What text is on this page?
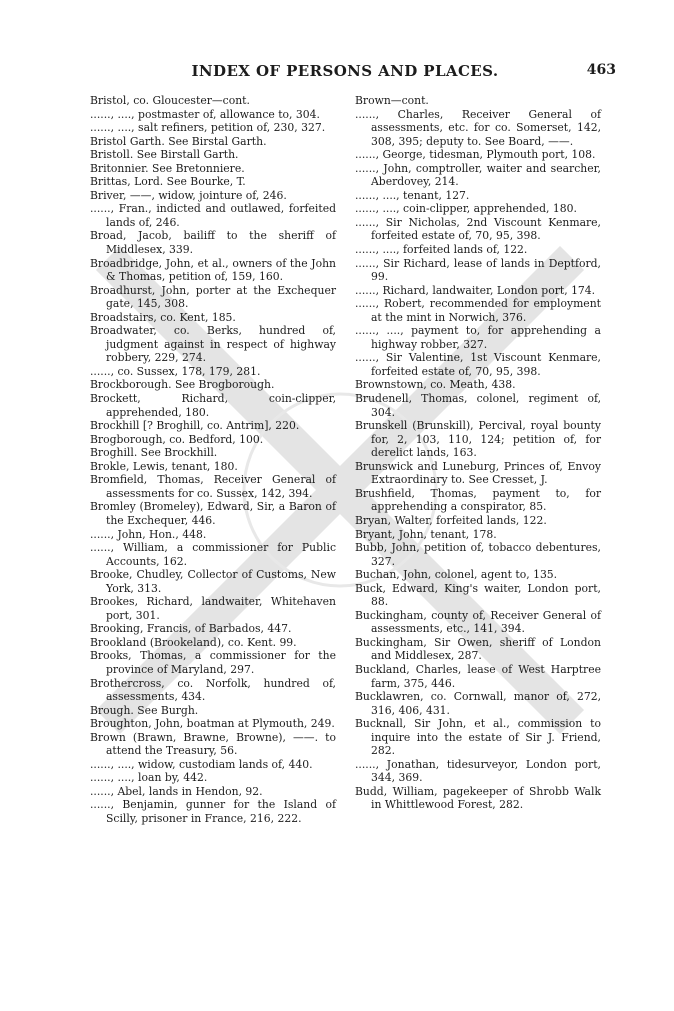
INDEX OF PERSONS AND PLACES.	463
Bristol, co. Gloucester—cont.
......, ...., postmaster of, allowance to, 304.
......, ...., salt refiners, petition of, 230, 327.
Bristol Garth. See Birstal Garth.
Bristoll. See Birstall Garth.
Britonnier. See Bretonniere.
Brittas, Lord. See Bourke, T.
Briver, ——, widow, jointure of, 246.
......, Fran., indicted and outlawed, forfeited lands of, 246.
Broad, Jacob, bailiff to the sheriff of Middlesex, 339.
Broadbridge, John, et al., owners of the John & Thomas, petition of, 159, 160.
Broadhurst, John, porter at the Exchequer gate, 145, 308.
Broadstairs, co. Kent, 185.
Broadwater, co. Berks, hundred of, judgment against in respect of highway robbery, 229, 274.
......, co. Sussex, 178, 179, 281.
Brockborough. See Brogborough.
Brockett, Richard, coin-clipper, apprehended, 180.
Brockhill [? Broghill, co. Antrim], 220.
Brogborough, co. Bedford, 100.
Broghill. See Brockhill.
Brokle, Lewis, tenant, 180.
Bromfield, Thomas, Receiver General of assessments for co. Sussex, 142, 394.
Bromley (Bromeley), Edward, Sir, a Baron of the Exchequer, 446.
......, John, Hon., 448.
......, William, a commissioner for Public Accounts, 162.
Brooke, Chudley, Collector of Customs, New York, 313.
Brookes, Richard, landwaiter, Whitehaven port, 301.
Brooking, Francis, of Barbados, 447.
Brookland (Brookeland), co. Kent. 99.
Brooks, Thomas, a commissioner for the province of Maryland, 297.
Brothercross, co. Norfolk, hundred of, assessments, 434.
Brough. See Burgh.
Broughton, John, boatman at Plymouth, 249.
Brown (Brawn, Brawne, Browne), ——. to attend the Treasury, 56.
......, ...., widow, custodiam lands of, 440.
......, ...., loan by, 442.
......, Abel, lands in Hendon, 92.
......, Benjamin, gunner for the Island of Scilly, prisoner in France, 216, 222.
Brown—cont.
......, Charles, Receiver General of assessments, etc. for co. Somerset, 142, 308, 395; deputy to. See Board, ——.
......, George, tidesman, Plymouth port, 108.
......, John, comptroller, waiter and searcher, Aberdovey, 214.
......, ...., tenant, 127.
......, ...., coin-clipper, apprehended, 180.
......, Sir Nicholas, 2nd Viscount Kenmare, forfeited estate of, 70, 95, 398.
......, ...., forfeited lands of, 122.
......, Sir Richard, lease of lands in Deptford, 99.
......, Richard, landwaiter, London port, 174.
......, Robert, recommended for employment at the mint in Norwich, 376.
......, ...., payment to, for apprehending a highway robber, 327.
......, Sir Valentine, 1st Viscount Kenmare, forfeited estate of, 70, 95, 398.
Brownstown, co. Meath, 438.
Brudenell, Thomas, colonel, regiment of, 304.
Brunskell (Brunskill), Percival, royal bounty for, 2, 103, 110, 124; petition of, for derelict lands, 163.
Brunswick and Luneburg, Princes of, Envoy Extraordinary to. See Cresset, J.
Brushfield, Thomas, payment to, for apprehending a conspirator, 85.
Bryan, Walter, forfeited lands, 122.
Bryant, John, tenant, 178.
Bubb, John, petition of, tobacco debentures, 327.
Buchan, John, colonel, agent to, 135.
Buck, Edward, King's waiter, London port, 88.
Buckingham, county of, Receiver General of assessments, etc., 141, 394.
Buckingham, Sir Owen, sheriff of London and Middlesex, 287.
Buckland, Charles, lease of West Harptree farm, 375, 446.
Bucklawren, co. Cornwall, manor of, 272, 316, 406, 431.
Bucknall, Sir John, et al., commission to inquire into the estate of Sir J. Friend, 282.
......, Jonathan, tidesurveyor, London port, 344, 369.
Budd, William, pagekeeper of Shrobb Walk in Whittlewood Forest, 282.
